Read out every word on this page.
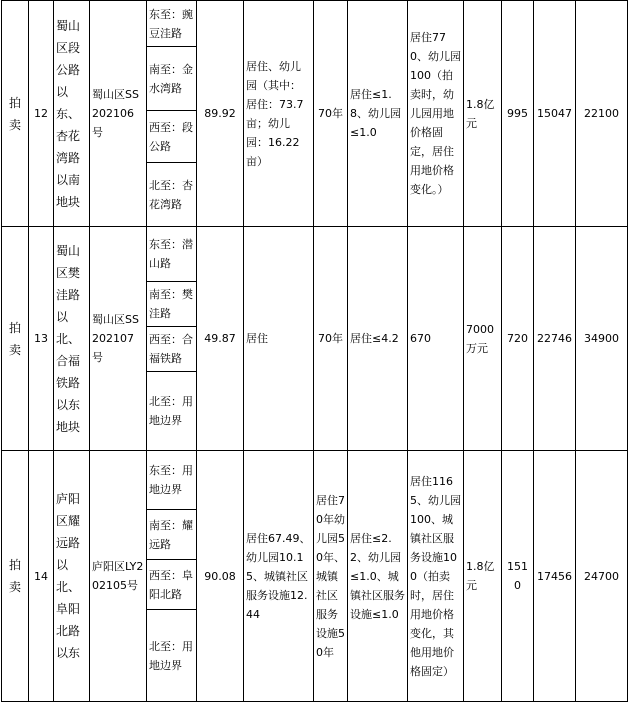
拍卖	12	蜀山区段公路以东、杏花湾路以南地块	蜀山区SS202106号	东至：豌豆洼路	89.92	居住、幼儿园（其中：居住：73.7亩；幼儿园：16.22亩）	70年	居住≤1.8、幼儿园≤1.0	居住770、幼儿园100（拍卖时，幼儿园用地价格固定，居住用地价格变化。）	1.8亿元	995	15047	22100
				南至：金水湾路									
				西至：段公路									
				北至：杏花湾路									
拍卖	13	蜀山区樊洼路以北、合福铁路以东地块	蜀山区SS202107号	东至：潜山路	49.87	居住	70年	居住≤4.2	670	7000万元	720	22746	34900
				南至：樊洼路									
				西至：合福铁路									
				北至：用地边界									
拍卖	14	庐阳区耀远路以北、阜阳北路以东	庐阳区LY202105号	东至：用地边界	90.08	居住67.49、幼儿园10.15、城镇社区服务设施12.44	居住70年幼儿园50年、城镇社区服务设施50年	居住≤2.2、幼儿园≤1.0、城镇社区服务设施≤1.0	居住1165、幼儿园100、城镇社区服务设施100（拍卖时，居住用地价格变化，其他用地价格固定）	1.8亿元	1510	17456	24700
				南至：耀远路									
				西至：阜阳北路									
				北至：用地边界									
